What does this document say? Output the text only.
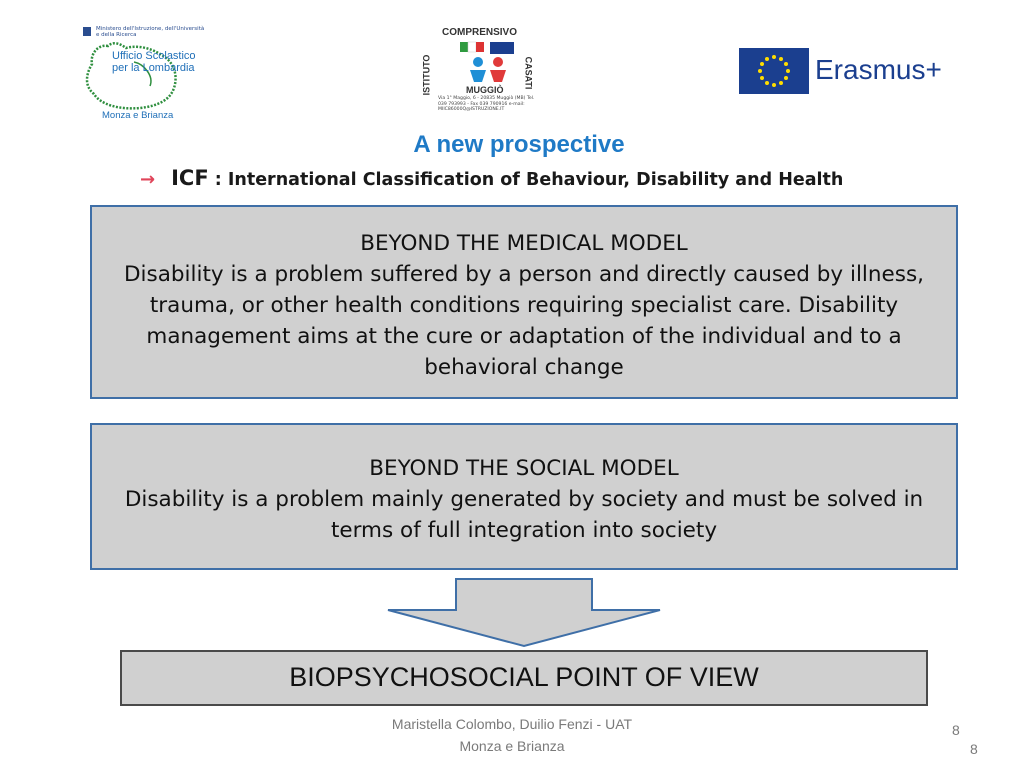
Ministero dell'Istruzione, dell'Università e della Ricerca
Ufficio Scolastico per la Lombardia
Monza e Brianza
COMPRENSIVO
ISTITUTO	CASATI
MUGGIÒ
Via 1° Maggio, 6 - 20835 Muggiò (MB) Tel. 039 793993 - Fax 039 790916 e-mail: MIIC86000Q@ISTRUZIONE.IT
Erasmus+
A new prospective
→ ICF : International Classification of Behaviour, Disability and Health
BEYOND THE MEDICAL MODEL
Disability is a problem suffered by a person and directly caused by illness, trauma, or other health conditions requiring specialist care. Disability management aims at the cure or adaptation of the individual and to a behavioral change
BEYOND THE SOCIAL MODEL
Disability is a problem mainly generated by society and must be solved in terms of full integration into society
BIOPSYCHOSOCIAL POINT OF VIEW
Maristella Colombo, Duilio Fenzi - UAT
Monza e Brianza
8
8
